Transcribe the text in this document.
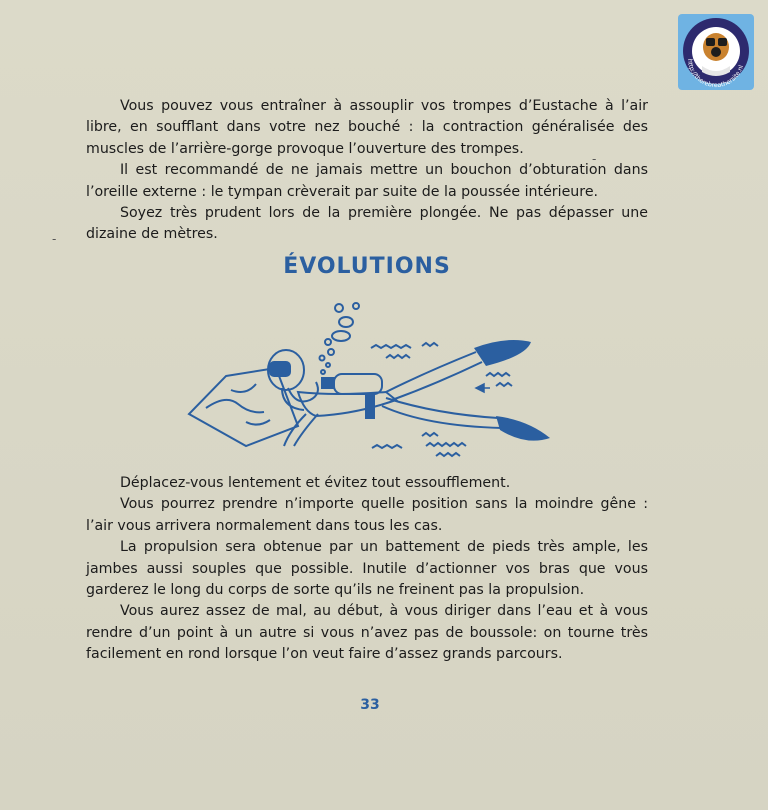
http://therebreathersite.nl

Vous pouvez vous entraîner à assouplir vos trompes d’Eustache à l’air libre, en soufflant dans votre nez bouché : la contraction généralisée des muscles de l’arrière-gorge provoque l’ouverture des trompes.

Il est recommandé de ne jamais mettre un bouchon d’obturation dans l’oreille externe : le tympan crèverait par suite de la poussée intérieure.

Soyez très prudent lors de la première plongée. Ne pas dépasser une dizaine de mètres.

-
-
ÉVOLUTIONS

Déplacez-vous lentement et évitez tout essoufflement.

Vous pourrez prendre n’importe quelle position sans la moindre gêne : l’air vous arrivera normalement dans tous les cas.

La propulsion sera obtenue par un battement de pieds très ample, les jambes aussi souples que possible. Inutile d’actionner vos bras que vous garderez le long du corps de sorte qu’ils ne freinent pas la propulsion.

Vous aurez assez de mal, au début, à vous diriger dans l’eau et à vous rendre d’un point à un autre si vous n’avez pas de boussole: on tourne très facilement en rond lorsque l’on veut faire d’assez grands parcours.

33
